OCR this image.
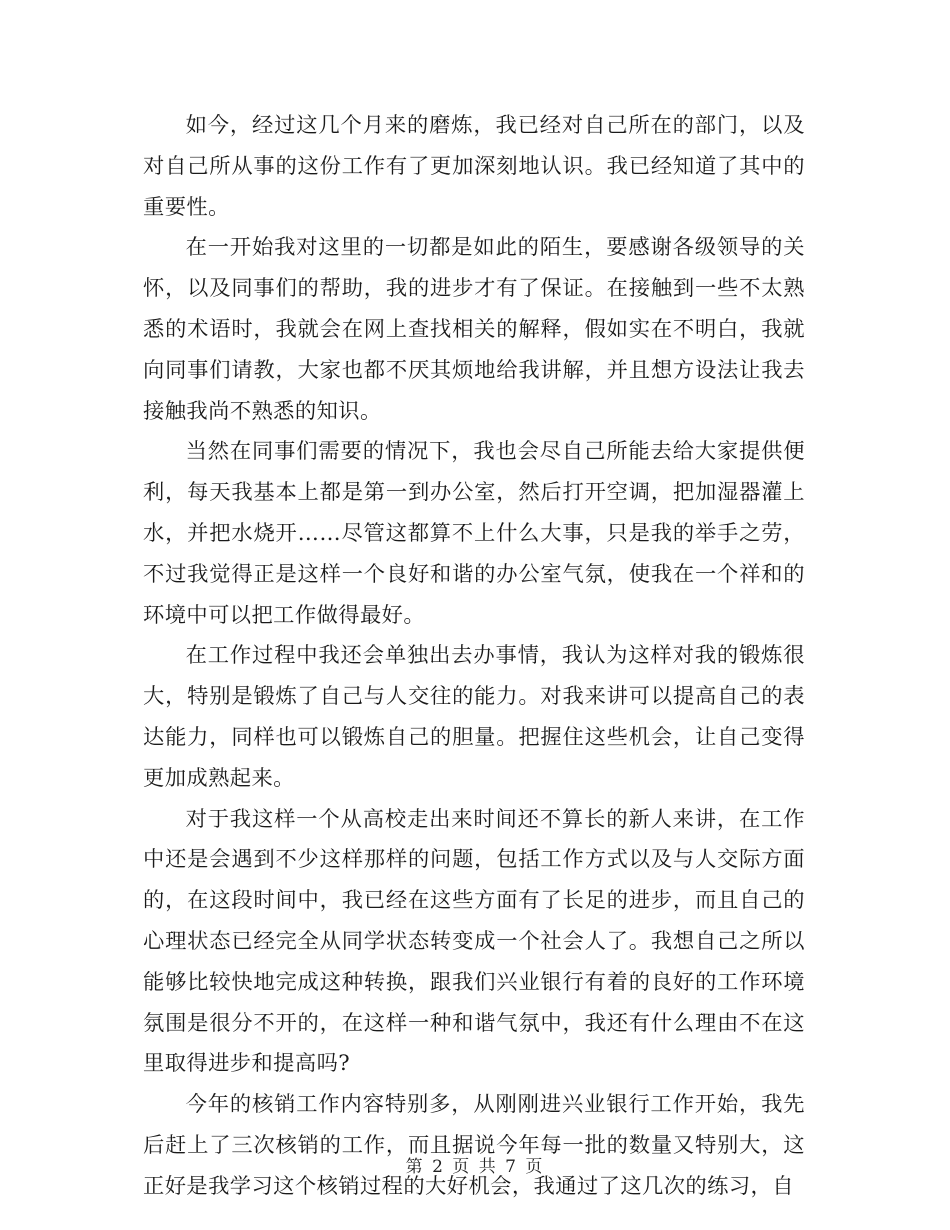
如今，经过这几个月来的磨炼，我已经对自己所在的部门，以及对自己所从事的这份工作有了更加深刻地认识。我已经知道了其中的重要性。

在一开始我对这里的一切都是如此的陌生，要感谢各级领导的关怀，以及同事们的帮助，我的进步才有了保证。在接触到一些不太熟悉的术语时，我就会在网上查找相关的解释，假如实在不明白，我就向同事们请教，大家也都不厌其烦地给我讲解，并且想方设法让我去接触我尚不熟悉的知识。

当然在同事们需要的情况下，我也会尽自己所能去给大家提供便利，每天我基本上都是第一到办公室，然后打开空调，把加湿器灌上水，并把水烧开……尽管这都算不上什么大事，只是我的举手之劳，不过我觉得正是这样一个良好和谐的办公室气氛，使我在一个祥和的环境中可以把工作做得最好。

在工作过程中我还会单独出去办事情，我认为这样对我的锻炼很大，特别是锻炼了自己与人交往的能力。对我来讲可以提高自己的表达能力，同样也可以锻炼自己的胆量。把握住这些机会，让自己变得更加成熟起来。

对于我这样一个从高校走出来时间还不算长的新人来讲，在工作中还是会遇到不少这样那样的问题，包括工作方式以及与人交际方面的，在这段时间中，我已经在这些方面有了长足的进步，而且自己的心理状态已经完全从同学状态转变成一个社会人了。我想自己之所以能够比较快地完成这种转换，跟我们兴业银行有着的良好的工作环境氛围是很分不开的，在这样一种和谐气氛中，我还有什么理由不在这里取得进步和提高吗?

今年的核销工作内容特别多，从刚刚进兴业银行工作开始，我先后赶上了三次核销的工作，而且据说今年每一批的数量又特别大，这正好是我学习这个核销过程的大好机会，我通过了这几次的练习，自

第 2 页 共 7 页
